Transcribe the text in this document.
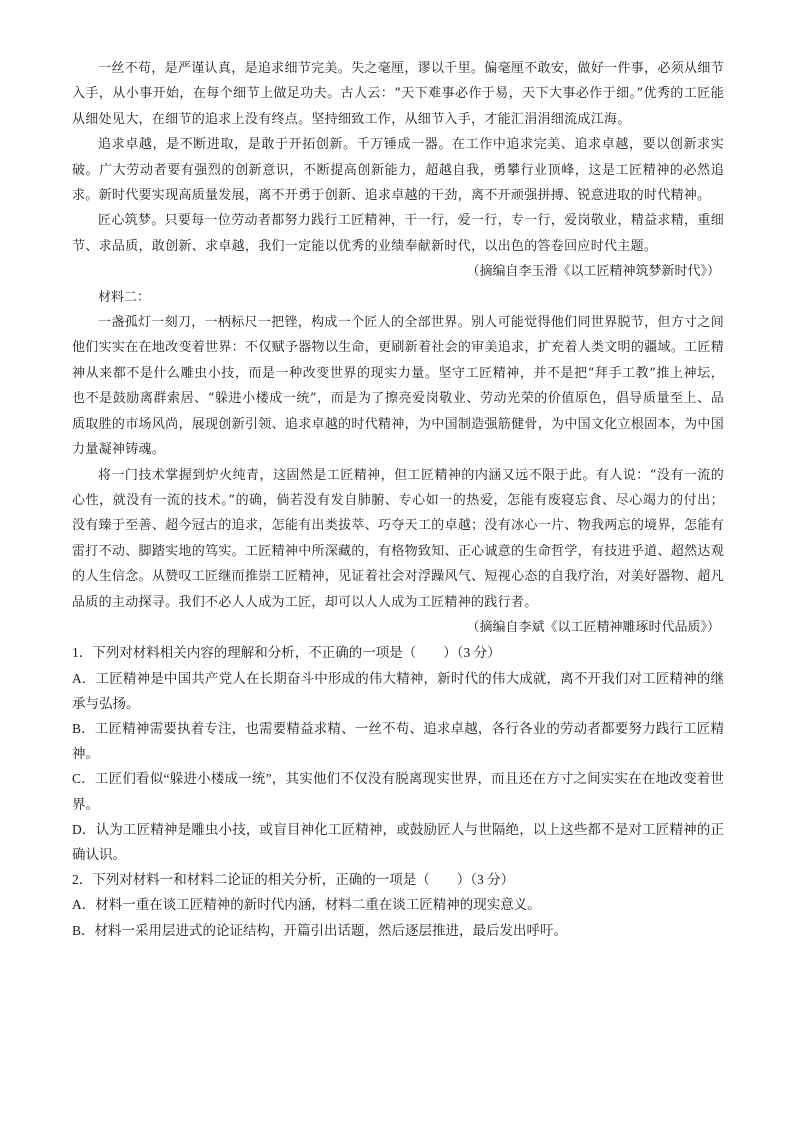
一丝不苟，是严谨认真，是追求细节完美。失之毫厘，谬以千里。偏毫厘不敢安，做好一件事，必须从细节入手，从小事开始，在每个细节上做足功夫。古人云：“天下难事必作于易，天下大事必作于细。”优秀的工匠能从细处见大，在细节的追求上没有终点。坚持细致工作，从细节入手，才能汇涓涓细流成江海。

追求卓越，是不断进取，是敢于开拓创新。千万锤成一器。在工作中追求完美、追求卓越，要以创新求实破。广大劳动者要有强烈的创新意识，不断提高创新能力，超越自我，勇攀行业顶峰，这是工匠精神的必然追求。新时代要实现高质量发展，离不开勇于创新、追求卓越的干劲，离不开顽强拼搏、锐意进取的时代精神。

匠心筑梦。只要每一位劳动者都努力践行工匠精神，干一行，爱一行，专一行，爱岗敬业，精益求精，重细节、求品质，敢创新、求卓越，我们一定能以优秀的业绩奉献新时代，以出色的答卷回应时代主题。

（摘编自李玉滑《以工匠精神筑梦新时代》）

材料二：

一盏孤灯一刻刀，一柄标尺一把锉，构成一个匠人的全部世界。别人可能觉得他们同世界脱节，但方寸之间他们实实在在地改变着世界：不仅赋予器物以生命，更刷新着社会的审美追求，扩充着人类文明的疆域。工匠精神从来都不是什么雕虫小技，而是一种改变世界的现实力量。坚守工匠精神，并不是把“拜手工教”推上神坛，也不是鼓励离群索居、“躲进小楼成一统”，而是为了擦亮爱岗敬业、劳动光荣的价值原色，倡导质量至上、品质取胜的市场风尚，展现创新引领、追求卓越的时代精神，为中国制造强筋健骨，为中国文化立根固本，为中国力量凝神铸魂。

将一门技术掌握到炉火纯青，这固然是工匠精神，但工匠精神的内涵又远不限于此。有人说：“没有一流的心性，就没有一流的技术。”的确，倘若没有发自肺腑、专心如一的热爱，怎能有废寝忘食、尽心竭力的付出；没有臻于至善、超今冠古的追求，怎能有出类拔萃、巧夺天工的卓越；没有冰心一片、物我两忘的境界，怎能有雷打不动、脚踏实地的笃实。工匠精神中所深藏的，有格物致知、正心诚意的生命哲学，有技进乎道、超然达观的人生信念。从赞叹工匠继而推崇工匠精神，见证着社会对浮躁风气、短视心态的自我疗治，对美好器物、超凡品质的主动探寻。我们不必人人成为工匠，却可以人人成为工匠精神的践行者。

（摘编自李斌《以工匠精神雕琢时代品质》）

1．下列对材料相关内容的理解和分析，不正确的一项是（　　）（3 分）

A．工匠精神是中国共产党人在长期奋斗中形成的伟大精神，新时代的伟大成就，离不开我们对工匠精神的继承与弘扬。

B．工匠精神需要执着专注，也需要精益求精、一丝不苟、追求卓越，各行各业的劳动者都要努力践行工匠精神。

C．工匠们看似“躲进小楼成一统”，其实他们不仅没有脱离现实世界，而且还在方寸之间实实在在地改变着世界。

D．认为工匠精神是雕虫小技，或盲目神化工匠精神，或鼓励匠人与世隔绝，以上这些都不是对工匠精神的正确认识。

2．下列对材料一和材料二论证的相关分析，正确的一项是（　　）（3 分）

A．材料一重在谈工匠精神的新时代内涵，材料二重在谈工匠精神的现实意义。

B．材料一采用层进式的论证结构，开篇引出话题，然后逐层推进，最后发出呼吁。
